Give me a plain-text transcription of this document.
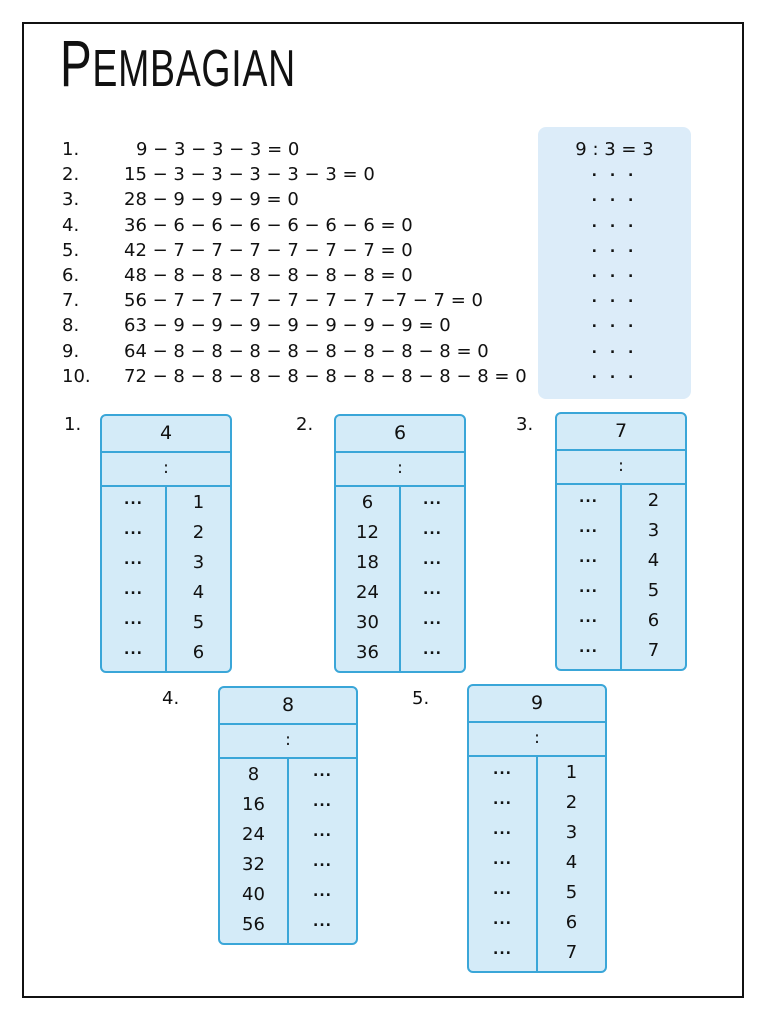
PEMBAGIAN
1.	9 − 3 − 3 − 3 = 0
2.	15 − 3 − 3 − 3 − 3 − 3 = 0
3.	28 − 9 − 9 − 9 = 0
4.	36 − 6 − 6 − 6 − 6 − 6 − 6 = 0
5.	42 − 7 − 7 − 7 − 7 − 7 − 7 = 0
6.	48 − 8 − 8 − 8 − 8 − 8 − 8 = 0
7.	56 − 7 − 7 − 7 − 7 − 7 − 7 −7 − 7 = 0
8.	63 − 9 − 9 − 9 − 9 − 9 − 9 − 9 = 0
9.	64 − 8 − 8 − 8 − 8 − 8 − 8 − 8 − 8 = 0
10.	72 − 8 − 8 − 8 − 8 − 8 − 8 − 8 − 8 − 8 = 0
9 : 3 = 3
. . .
. . .
. . .
. . .
. . .
. . .
. . .
. . .
. . .
1.	4
:
...	1
...	2
...	3
...	4
...	5
...	6
2.	6
:
6	...
12	...
18	...
24	...
30	...
36	...
3.	7
:
...	2
...	3
...	4
...	5
...	6
...	7
4.	8
:
8	...
16	...
24	...
32	...
40	...
56	...
5.	9
:
...	1
...	2
...	3
...	4
...	5
...	6
...	7
